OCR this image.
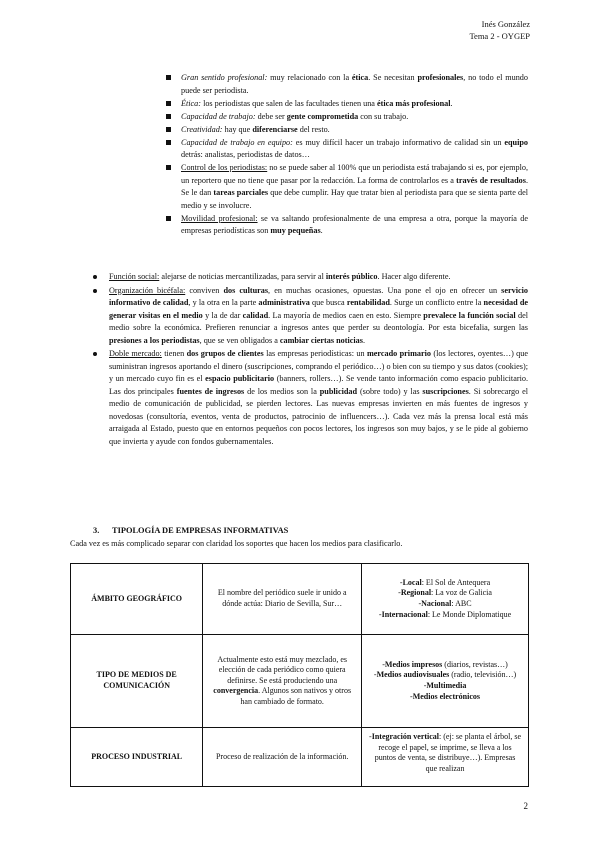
Inés González
Tema 2 - OYGEP
Gran sentido profesional: muy relacionado con la ética. Se necesitan profesionales, no todo el mundo puede ser periodista.
Ética: los periodistas que salen de las facultades tienen una ética más profesional.
Capacidad de trabajo: debe ser gente comprometida con su trabajo.
Creatividad: hay que diferenciarse del resto.
Capacidad de trabajo en equipo: es muy difícil hacer un trabajo informativo de calidad sin un equipo detrás: analistas, periodistas de datos…
Control de los periodistas: no se puede saber al 100% que un periodista está trabajando si es, por ejemplo, un reportero que no tiene que pasar por la redacción. La forma de controlarlos es a través de resultados. Se le dan tareas parciales que debe cumplir. Hay que tratar bien al periodista para que se sienta parte del medio y se involucre.
Movilidad profesional: se va saltando profesionalmente de una empresa a otra, porque la mayoría de empresas periodísticas son muy pequeñas.
Función social: alejarse de noticias mercantilizadas, para servir al interés público. Hacer algo diferente.
Organización bicéfala: conviven dos culturas, en muchas ocasiones, opuestas. Una pone el ojo en ofrecer un servicio informativo de calidad, y la otra en la parte administrativa que busca rentabilidad. Surge un conflicto entre la necesidad de generar visitas en el medio y la de dar calidad. La mayoría de medios caen en esto. Siempre prevalece la función social del medio sobre la económica. Prefieren renunciar a ingresos antes que perder su deontología. Por esta bicefalia, surgen las presiones a los periodistas, que se ven obligados a cambiar ciertas noticias.
Doble mercado: tienen dos grupos de clientes las empresas periodísticas: un mercado primario (los lectores, oyentes…) que suministran ingresos aportando el dinero (suscripciones, comprando el periódico…) o bien con su tiempo y sus datos (cookies); y un mercado cuyo fin es el espacio publicitario (banners, rollers…). Se vende tanto información como espacio publicitario. Las dos principales fuentes de ingresos de los medios son la publicidad (sobre todo) y las suscripciones. Si sobrecargo el medio de comunicación de publicidad, se pierden lectores. Las nuevas empresas invierten en más fuentes de ingresos y novedosas (consultoría, eventos, venta de productos, patrocinio de influencers…). Cada vez más la prensa local está más arraigada al Estado, puesto que en entornos pequeños con pocos lectores, los ingresos son muy bajos, y se le pide al gobierno que invierta y ayude con fondos gubernamentales.
3. TIPOLOGÍA DE EMPRESAS INFORMATIVAS
Cada vez es más complicado separar con claridad los soportes que hacen los medios para clasificarlo.
ÁMBITO GEOGRÁFICO	El nombre del periódico suele ir unido a dónde actúa: Diario de Sevilla, Sur…	-Local: El Sol de Antequera
-Regional: La voz de Galicia
-Nacional: ABC
-Internacional: Le Monde Diplomatique

TIPO DE MEDIOS DE COMUNICACIÓN	Actualmente esto está muy mezclado, es elección de cada periódico como quiera definirse. Se está produciendo una convergencia. Algunos son nativos y otros han cambiado de formato.	-Medios impresos (diarios, revistas…)
-Medios audiovisuales (radio, televisión…)
-Multimedia
-Medios electrónicos

PROCESO INDUSTRIAL	Proceso de realización de la información.	-Integración vertical: (ej: se planta el árbol, se recoge el papel, se imprime, se lleva a los puntos de venta, se distribuye…). Empresas que realizan
2
